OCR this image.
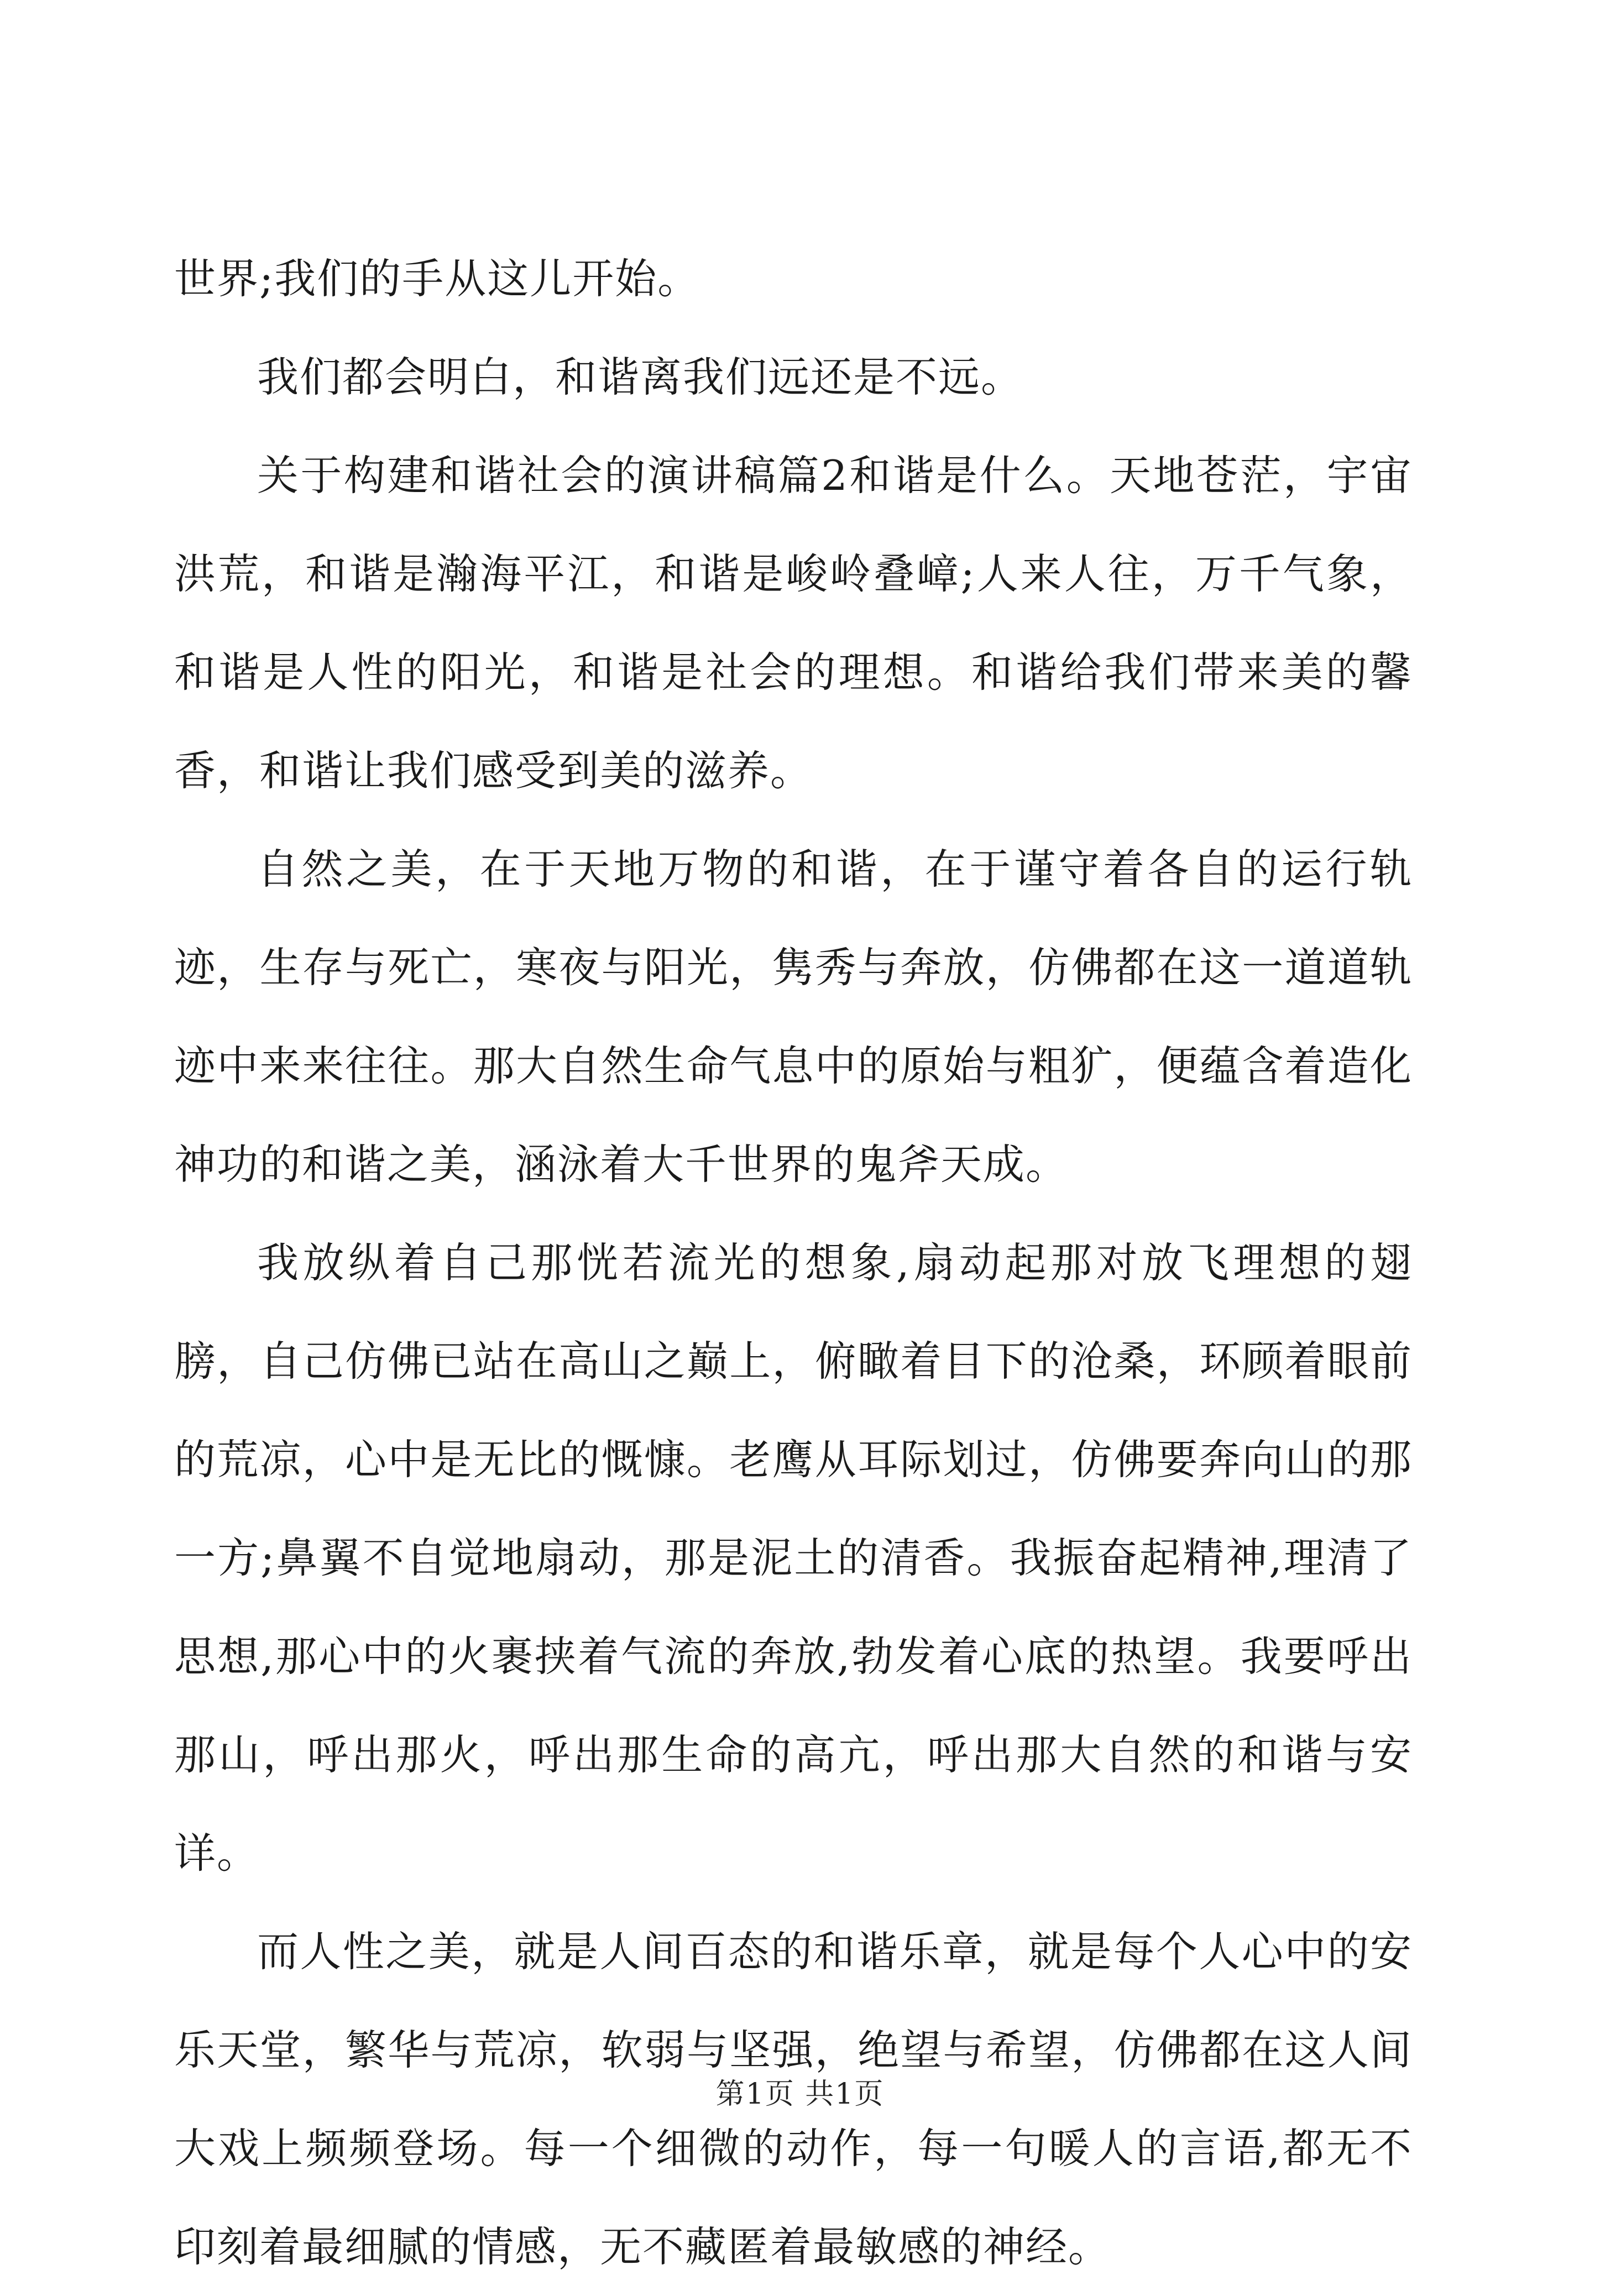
世界;我们的手从这儿开始。

我们都会明白，和谐离我们远还是不远。

关于构建和谐社会的演讲稿篇2和谐是什么。天地苍茫，宇宙洪荒，和谐是瀚海平江，和谐是峻岭叠嶂;人来人往，万千气象，和谐是人性的阳光，和谐是社会的理想。和谐给我们带来美的馨香，和谐让我们感受到美的滋养。

自然之美，在于天地万物的和谐，在于谨守着各自的运行轨迹，生存与死亡，寒夜与阳光，隽秀与奔放，仿佛都在这一道道轨迹中来来往往。那大自然生命气息中的原始与粗犷，便蕴含着造化神功的和谐之美，涵泳着大千世界的鬼斧天成。

我放纵着自己那恍若流光的想象,扇动起那对放飞理想的翅膀，自己仿佛已站在高山之巅上，俯瞰着目下的沧桑，环顾着眼前的荒凉，心中是无比的慨慷。老鹰从耳际划过，仿佛要奔向山的那一方;鼻翼不自觉地扇动，那是泥土的清香。我振奋起精神,理清了思想,那心中的火裹挟着气流的奔放,勃发着心底的热望。我要呼出那山，呼出那火，呼出那生命的高亢，呼出那大自然的和谐与安详。

而人性之美，就是人间百态的和谐乐章，就是每个人心中的安乐天堂，繁华与荒凉，软弱与坚强，绝望与希望，仿佛都在这人间大戏上频频登场。每一个细微的动作，每一句暖人的言语,都无不印刻着最细腻的情感，无不藏匿着最敏感的神经。

第1页 共1页
